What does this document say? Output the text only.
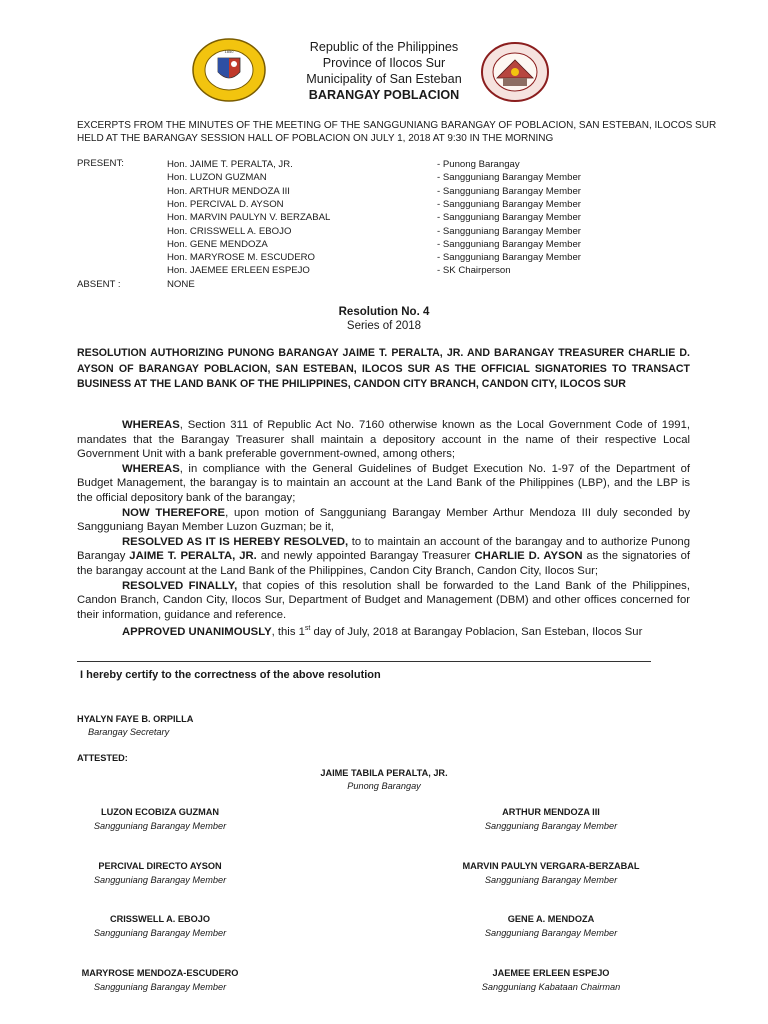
1850	Republic of the Philippines
Province of Ilocos Sur
Municipality of San Esteban
BARANGAY POBLACION
EXCERPTS FROM THE MINUTES OF THE MEETING OF THE SANGGUNIANG BARANGAY OF POBLACION, SAN ESTEBAN, ILOCOS SUR HELD AT THE BARANGAY SESSION HALL OF POBLACION ON JULY 1, 2018 AT 9:30 IN THE MORNING
PRESENT:	Hon. JAIME T. PERALTA, JR.	- Punong Barangay
Hon. LUZON GUZMAN	- Sangguniang Barangay Member
Hon. ARTHUR MENDOZA III	- Sangguniang Barangay Member
Hon. PERCIVAL D. AYSON	- Sangguniang Barangay Member
Hon. MARVIN PAULYN V. BERZABAL	- Sangguniang Barangay Member
Hon. CRISSWELL A. EBOJO	- Sangguniang Barangay Member
Hon. GENE MENDOZA	- Sangguniang Barangay Member
Hon. MARYROSE M. ESCUDERO	- Sangguniang Barangay Member
Hon. JAEMEE ERLEEN ESPEJO	- SK Chairperson
ABSENT :	NONE
Resolution No. 4
Series of 2018
RESOLUTION AUTHORIZING PUNONG BARANGAY JAIME T. PERALTA, JR. AND BARANGAY TREASURER CHARLIE D. AYSON OF BARANGAY POBLACION, SAN ESTEBAN, ILOCOS SUR AS THE OFFICIAL SIGNATORIES TO TRANSACT BUSINESS AT THE LAND BANK OF THE PHILIPPINES, CANDON CITY BRANCH, CANDON CITY, ILOCOS SUR

WHEREAS, Section 311 of Republic Act No. 7160 otherwise known as the Local Government Code of 1991, mandates that the Barangay Treasurer shall maintain a depository account in the name of their respective Local Government Unit with a bank preferable government-owned, among others;

WHEREAS, in compliance with the General Guidelines of Budget Execution No. 1-97 of the Department of Budget Management, the barangay is to maintain an account at the Land Bank of the Philippines (LBP), and the LBP is the official depository bank of the barangay;

NOW THEREFORE, upon motion of Sangguniang Barangay Member Arthur Mendoza III duly seconded by Sangguniang Bayan Member Luzon Guzman; be it,

RESOLVED AS IT IS HEREBY RESOLVED, to to maintain an account of the barangay and to authorize Punong Barangay JAIME T. PERALTA, JR. and newly appointed Barangay Treasurer CHARLIE D. AYSON as the signatories of the barangay account at the Land Bank of the Philippines, Candon City Branch, Candon City, Ilocos Sur;

RESOLVED FINALLY, that copies of this resolution shall be forwarded to the Land Bank of the Philippines, Candon Branch, Candon City, Ilocos Sur, Department of Budget and Management (DBM) and other offices concerned for their information, guidance and reference.

APPROVED UNANIMOUSLY, this 1st day of July, 2018 at Barangay Poblacion, San Esteban, Ilocos Sur

I hereby certify to the correctness of the above resolution
HYALYN FAYE B. ORPILLA
Barangay Secretary
ATTESTED:
JAIME TABILA PERALTA, JR.
Punong Barangay
LUZON ECOBIZA GUZMAN
Sangguniang Barangay Member
PERCIVAL DIRECTO AYSON
Sangguniang Barangay Member
CRISSWELL A. EBOJO
Sangguniang Barangay Member
MARYROSE MENDOZA-ESCUDERO
Sangguniang Barangay Member
ARTHUR MENDOZA III
Sangguniang Barangay Member
MARVIN PAULYN VERGARA-BERZABAL
Sangguniang Barangay Member
GENE A. MENDOZA
Sangguniang Barangay Member
JAEMEE ERLEEN ESPEJO
Sangguniang Kabataan Chairman
